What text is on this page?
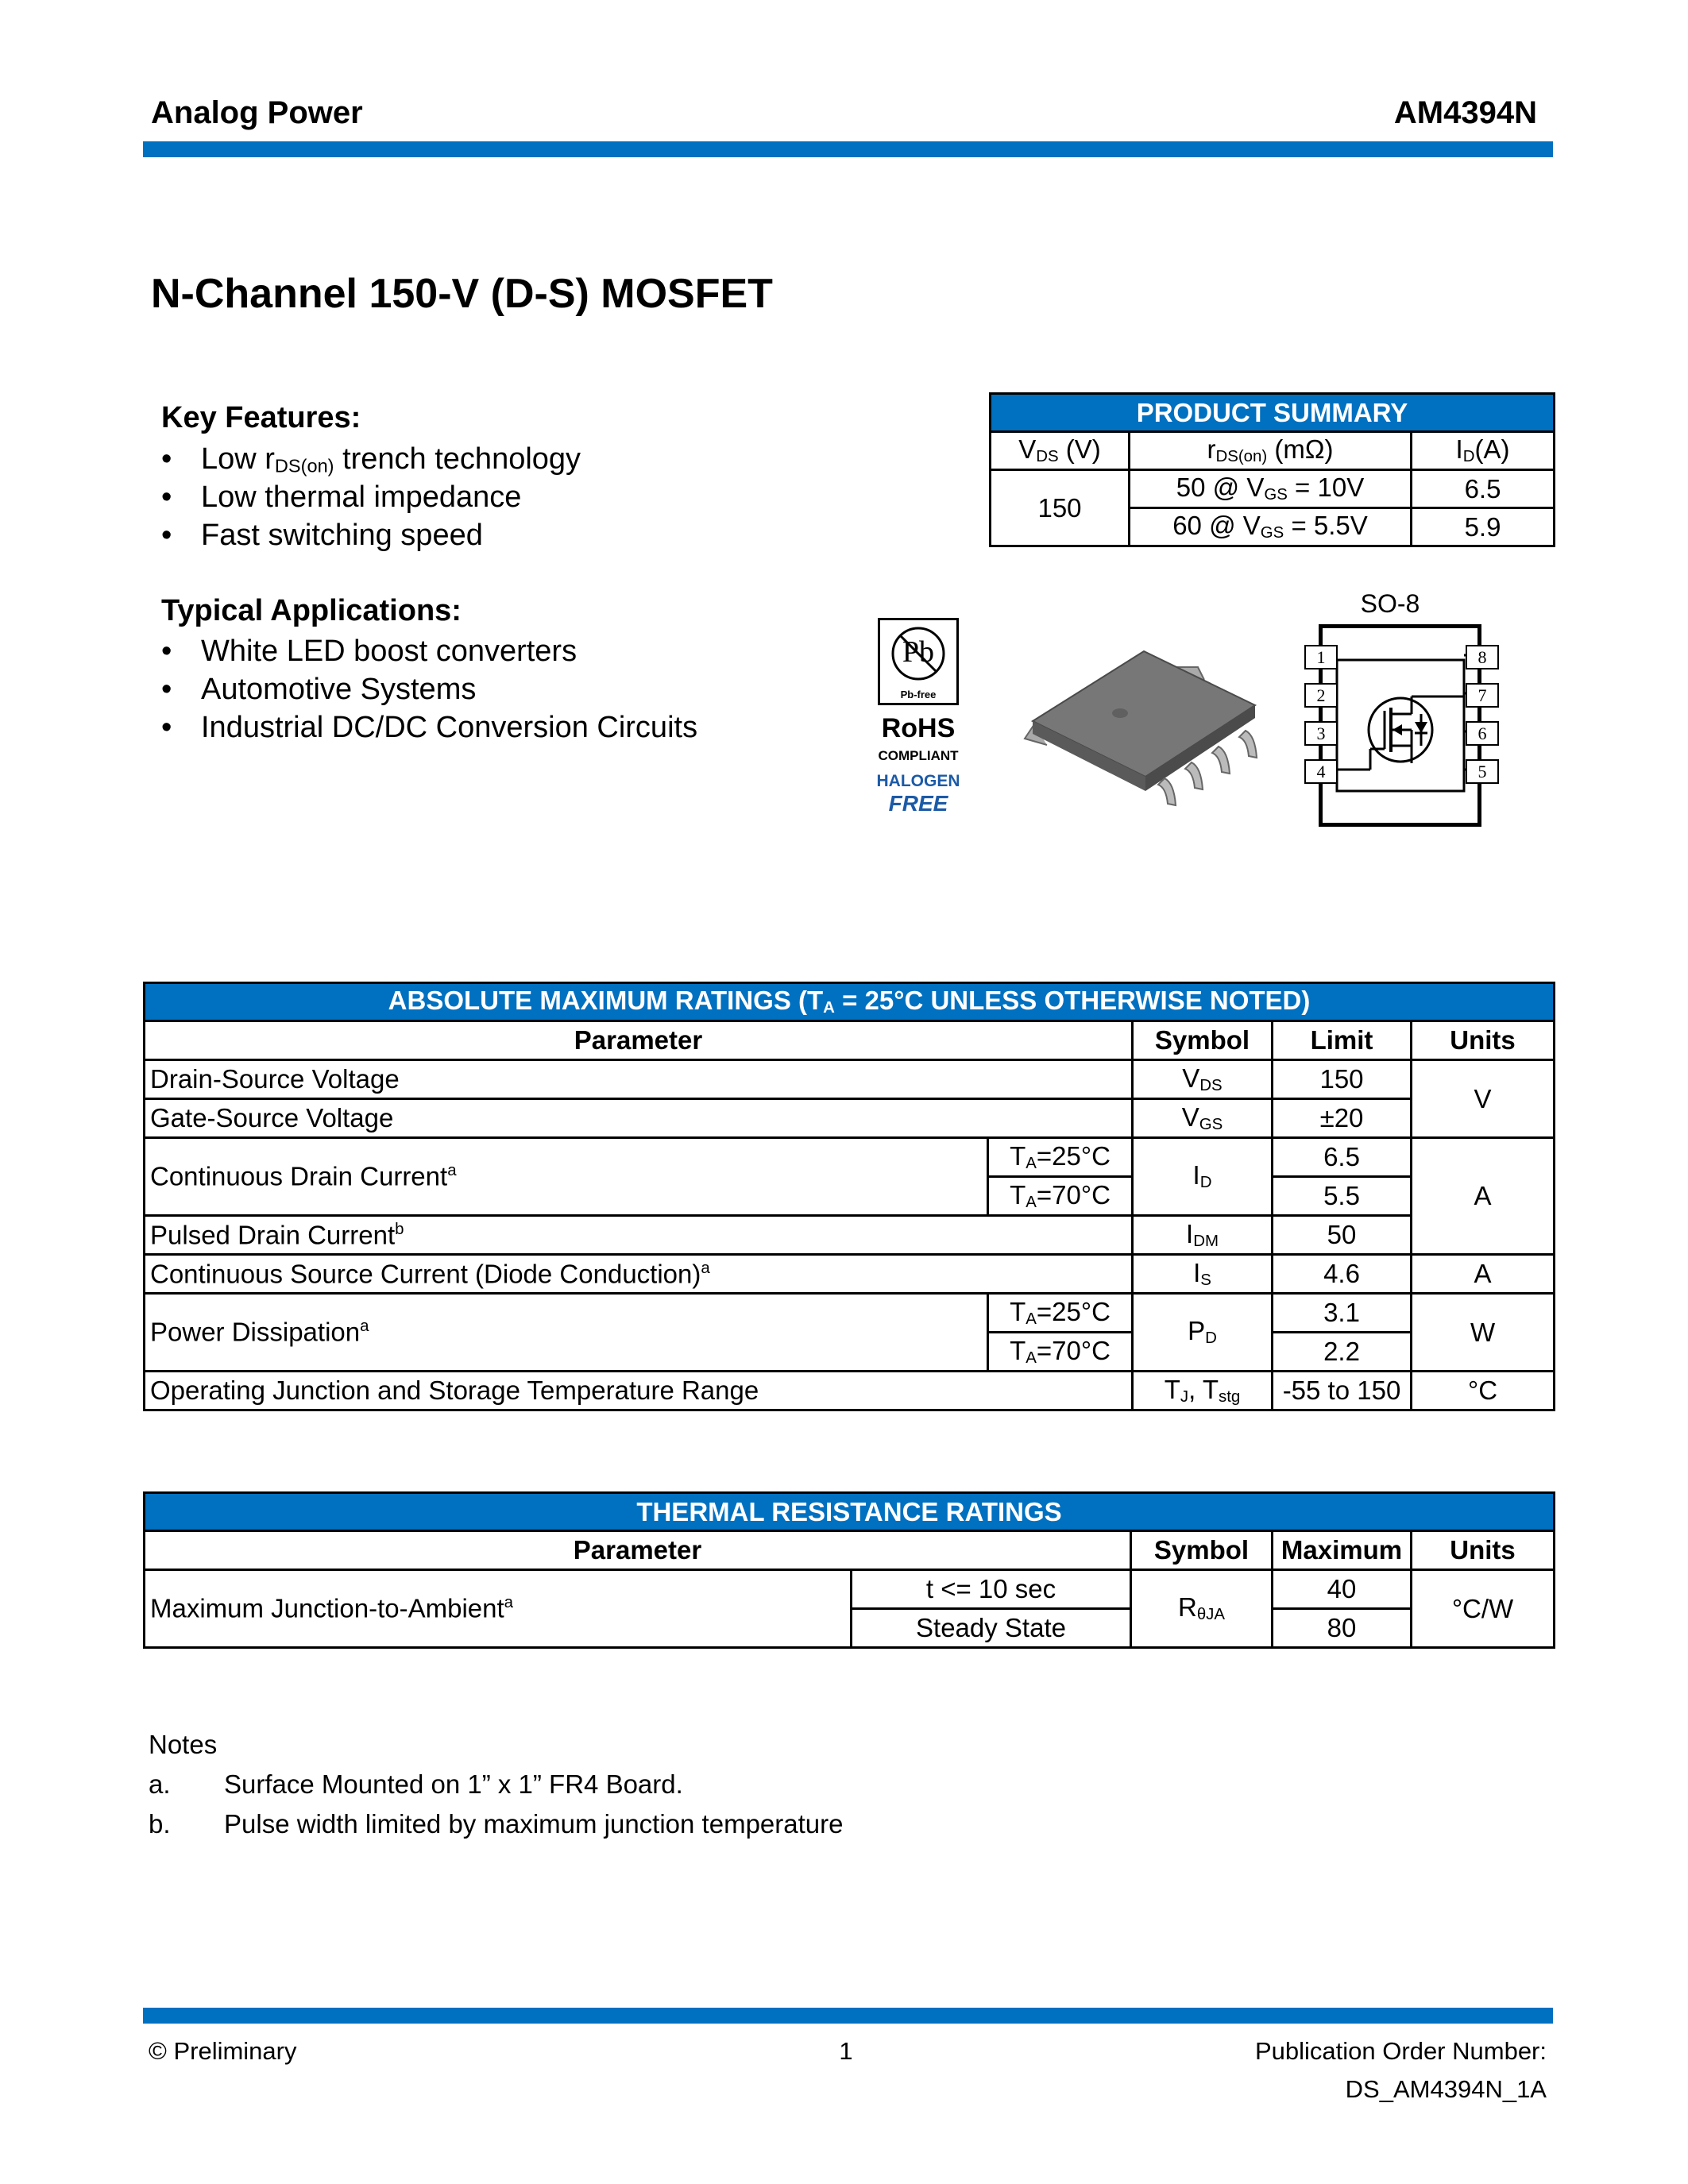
Analog Power	AM4394N
N-Channel 150-V (D-S) MOSFET
Key Features:
• Low $r_{DS(on)}$ trench technology
• Low thermal impedance
• Fast switching speed
Typical Applications:
• White LED boost converters
• Automotive Systems
• Industrial DC/DC Conversion Circuits
PRODUCT SUMMARY		
$V_{DS}$ (V)	$r_{DS(on)}$ (mΩ)	$I_D(A)$
150	50 @ $V_{GS} = 10V$	6.5
	60 @ $V_{GS} = 5.5V$	5.9
Pb
Pb-free
RoHS
COMPLIANT
HALOGEN
FREE
SO-8
1
2
3
4
8
7
6
5
ABSOLUTE MAXIMUM RATINGS ($T_A = 25^\circ C$ UNLESS OTHERWISE NOTED)				
Parameter		Symbol	Limit	Units
Drain-Source Voltage		$V_{DS}$	150	V
Gate-Source Voltage		$V_{GS}$	±20	
Continuous Drain Current$^a$	$T_A=25^\circ C$	$I_D$	6.5	A
	$T_A=70^\circ C$		5.5	
Pulsed Drain Current$^b$		$I_{DM}$	50	
Continuous Source Current (Diode Conduction)$^a$		$I_S$	4.6	A
Power Dissipation$^a$	$T_A=25^\circ C$	$P_D$	3.1	W
	$T_A=70^\circ C$		2.2	
Operating Junction and Storage Temperature Range		$T_J$, $T_{stg}$	-55 to 150	°C
THERMAL RESISTANCE RATINGS				
Parameter		Symbol	Maximum	Units
Maximum Junction-to-Ambient$^a$	t <= 10 sec	$R_{\theta JA}$	40	°C/W
	Steady State		80	
Notes
a. Surface Mounted on 1” x 1” FR4 Board.
b. Pulse width limited by maximum junction temperature
© Preliminary	1	Publication Order Number:
DS_AM4394N_1A
